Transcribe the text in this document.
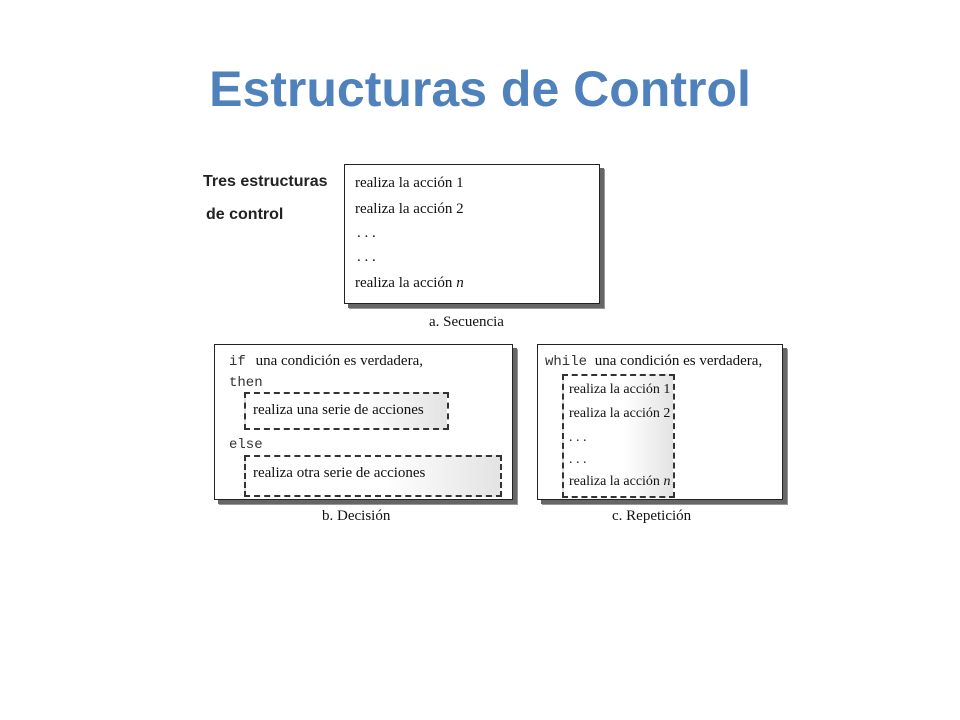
Estructuras de Control
Tres estructuras
de control
realiza la acción 1
realiza la acción 2
. . .
. . .
realiza la acción n
a. Secuencia
if una condición es verdadera,
then
realiza una serie de acciones
else
realiza otra serie de acciones
b. Decisión
while una condición es verdadera,
realiza la acción 1
realiza la acción 2
. . .
. . .
realiza la acción n
c. Repetición
